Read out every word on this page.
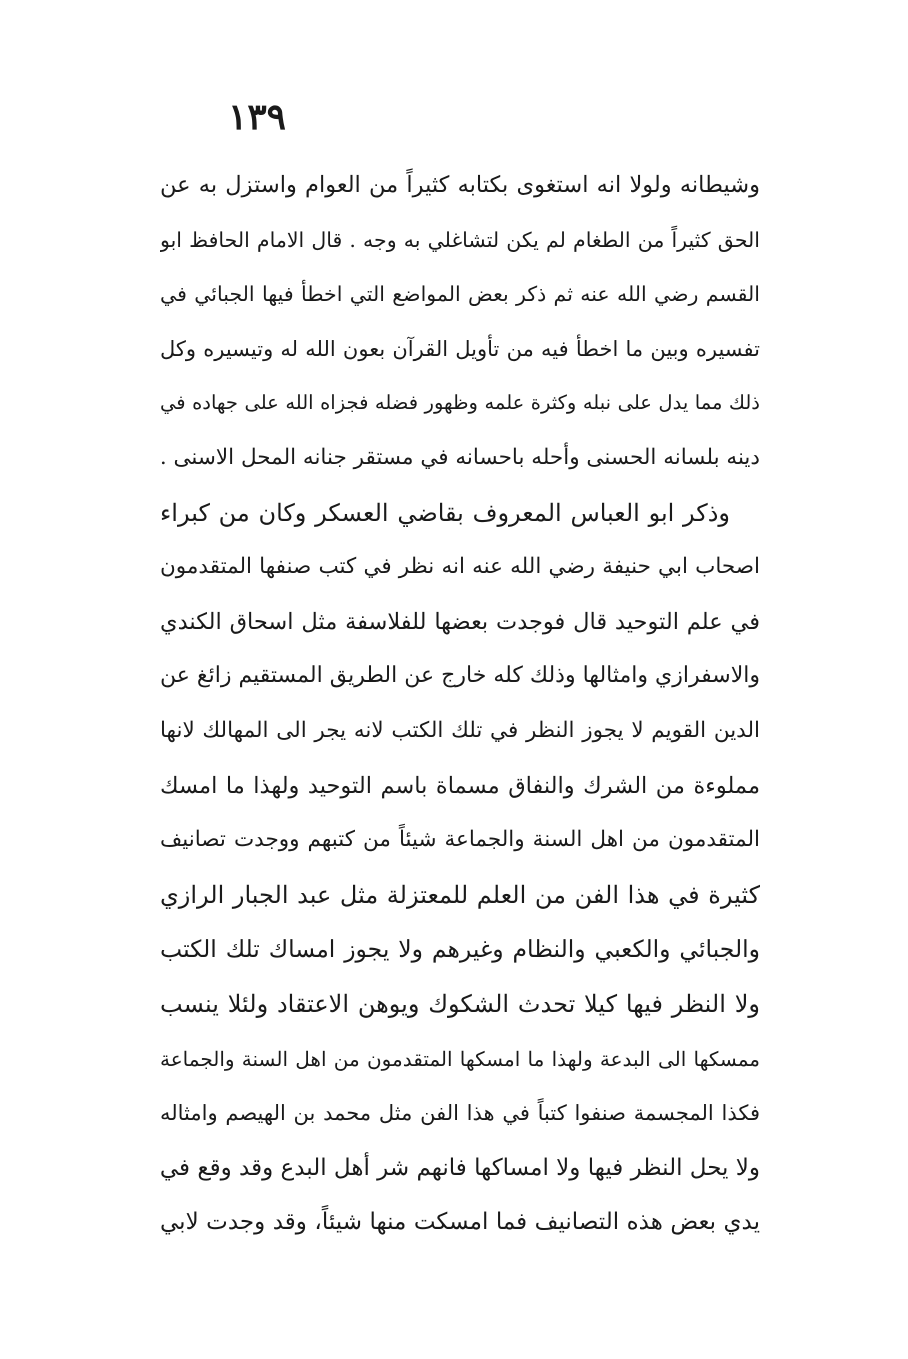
١٣٩
وشيطانه ولولا انه استغوى بكتابه كثيراً من العوام واستزل به عن
الحق كثيراً من الطغام لم يكن لتشاغلي به وجه . قال الامام الحافظ ابو
القسم رضي الله عنه ثم ذكر بعض المواضع التي اخطأ فيها الجبائي في
تفسيره وبين ما اخطأ فيه من تأويل القرآن بعون الله له وتيسيره وكل
ذلك مما يدل على نبله وكثرة علمه وظهور فضله فجزاه الله على جهاده في
دينه بلسانه الحسنى وأحله باحسانه في مستقر جنانه المحل الاسنى .
وذكر ابو العباس المعروف بقاضي العسكر وكان من كبراء
اصحاب ابي حنيفة رضي الله عنه انه نظر في كتب صنفها المتقدمون
في علم التوحيد قال فوجدت بعضها للفلاسفة مثل اسحاق الكندي
والاسفرازي وامثالها وذلك كله خارج عن الطريق المستقيم زائغ عن
الدين القويم لا يجوز النظر في تلك الكتب لانه يجر الى المهالك لانها
مملوءة من الشرك والنفاق مسماة باسم التوحيد ولهذا ما امسك
المتقدمون من اهل السنة والجماعة شيئاً من كتبهم ووجدت تصانيف
كثيرة في هذا الفن من العلم للمعتزلة مثل عبد الجبار الرازي
والجبائي والكعبي والنظام وغيرهم ولا يجوز امساك تلك الكتب
ولا النظر فيها كيلا تحدث الشكوك ويوهن الاعتقاد ولئلا ينسب
ممسكها الى البدعة ولهذا ما امسكها المتقدمون من اهل السنة والجماعة
فكذا المجسمة صنفوا كتباً في هذا الفن مثل محمد بن الهيصم وامثاله
ولا يحل النظر فيها ولا امساكها فانهم شر أهل البدع وقد وقع في
يدي بعض هذه التصانيف فما امسكت منها شيئاً، وقد وجدت لابي
